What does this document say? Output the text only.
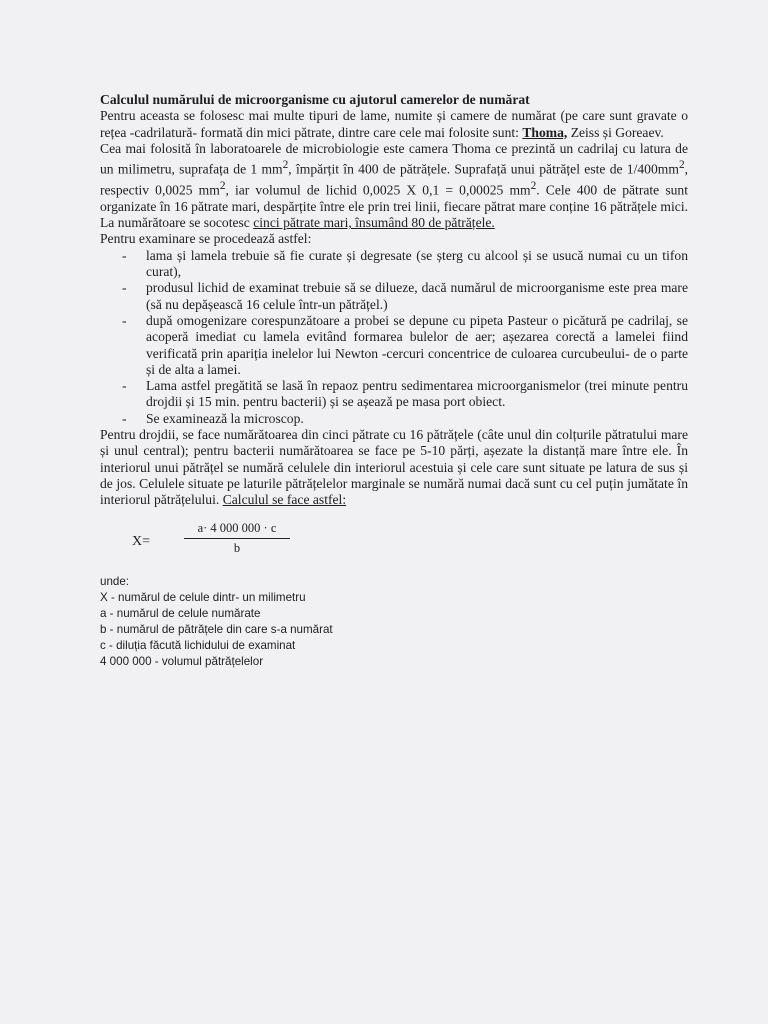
Calculul numărului de microorganisme cu ajutorul camerelor de numărat

Pentru aceasta se folosesc mai multe tipuri de lame, numite și camere de numărat (pe care sunt gravate o rețea -cadrilatură- formată din mici pătrate, dintre care cele mai folosite sunt: Thoma, Zeiss și Goreaev.

Cea mai folosită în laboratoarele de microbiologie este camera Thoma ce prezintă un cadrilaj cu latura de un milimetru, suprafața de 1 $mm^2$, împărțit în 400 de pătrățele. Suprafață unui pătrățel este de $1/400mm^2$, respectiv 0,0025 $mm^2$, iar volumul de lichid 0,0025 X 0,1 = 0,00025 $mm^2$. Cele 400 de pătrate sunt organizate în 16 pătrate mari, despărțite între ele prin trei linii, fiecare pătrat mare conține 16 pătrățele mici. La numărătoare se socotesc cinci pătrate mari, însumând 80 de pătrățele.

Pentru examinare se procedează astfel:

- lama și lamela trebuie să fie curate și degresate (se șterg cu alcool și se usucă numai cu un tifon curat),
- produsul lichid de examinat trebuie să se dilueze, dacă numărul de microorganisme este prea mare (să nu depășească 16 celule într-un pătrățel.)
- după omogenizare corespunzătoare a probei se depune cu pipeta Pasteur o picătură pe cadrilaj, se acoperă imediat cu lamela evitând formarea bulelor de aer; așezarea corectă a lamelei fiind verificată prin apariția inelelor lui Newton -cercuri concentrice de culoarea curcubeului- de o parte și de alta a lamei.
- Lama astfel pregătită se lasă în repaoz pentru sedimentarea microorganismelor (trei minute pentru drojdii și 15 min. pentru bacterii) și se așează pe masa port obiect.
- Se examinează la microscop.

Pentru drojdii, se face numărătoarea din cinci pătrate cu 16 pătrățele (câte unul din colțurile pătratului mare și unul central); pentru bacterii numărătoarea se face pe 5-10 părți, așezate la distanță mare între ele. În interiorul unui pătrățel se numără celulele din interiorul acestuia și cele care sunt situate pe latura de sus și de jos. Celulele situate pe laturile pătrățelelor marginale se numără numai dacă sunt cu cel puțin jumătate în interiorul pătrățelului. Calculul se face astfel:

X=	$\frac{a\cdot 4 000 000 \cdot c}{b}$
unde:
X - numărul de celule dintr- un milimetru
a - numărul de celule numărate
b - numărul de pătrățele din care s-a numărat
c - diluția făcută lichidului de examinat
4 000 000 - volumul pătrățelelor
